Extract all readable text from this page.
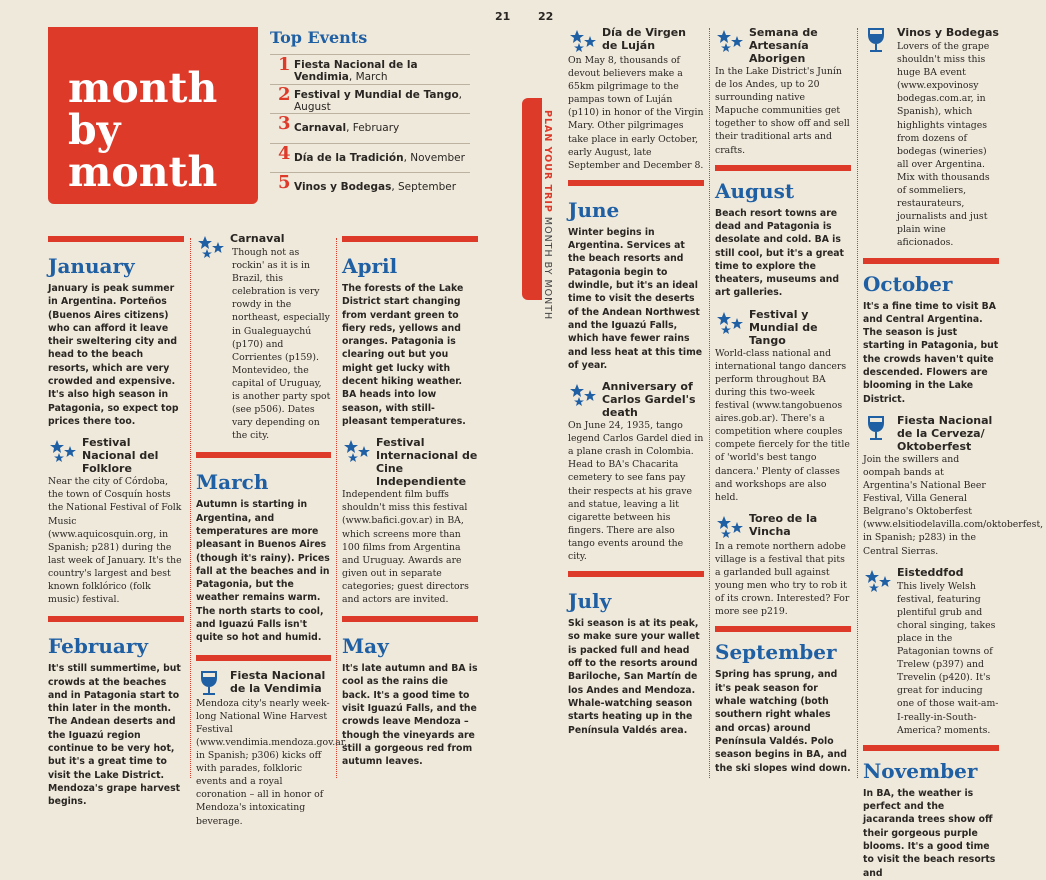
21	22
month
by
month
Top Events
1 Fiesta Nacional de la Vendimia, March
2 Festival y Mundial de Tango, August
3 Carnaval, February
4 Día de la Tradición, November
5 Vinos y Bodegas, September	PLAN YOUR TRIP MONTH BY MONTH
January
January is peak summer in Argentina. Porteños (Buenos Aires citizens) who can afford it leave their sweltering city and head to the beach resorts, which are very crowded and expensive. It's also high season in Patagonia, so expect top prices there too.
Festival Nacional del Folklore
Near the city of Córdoba, the town of Cosquín hosts the National Festival of Folk Music (www.aquicosquin.org, in Spanish; p281) during the last week of January. It's the country's largest and best known folklórico (folk music) festival.
February
It's still summertime, but crowds at the beaches and in Patagonia start to thin later in the month. The Andean deserts and the Iguazú region continue to be very hot, but it's a great time to visit the Lake District. Mendoza's grape harvest begins.
Carnaval
Though not as rockin' as it is in Brazil, this celebration is very rowdy in the northeast, especially in Gualeguaychú (p170) and Corrientes (p159). Montevideo, the capital of Uruguay, is another party spot (see p506). Dates vary depending on the city.
March
Autumn is starting in Argentina, and temperatures are more pleasant in Buenos Aires (though it's rainy). Prices fall at the beaches and in Patagonia, but the weather remains warm. The north starts to cool, and Iguazú Falls isn't quite so hot and humid.
Fiesta Nacional de la Vendimia
Mendoza city's nearly week-long National Wine Harvest Festival (www.vendimia.mendoza.gov.ar, in Spanish; p306) kicks off with parades, folkloric events and a royal coronation – all in honor of Mendoza's intoxicating beverage.
April
The forests of the Lake District start changing from verdant green to fiery reds, yellows and oranges. Patagonia is clearing out but you might get lucky with decent hiking weather. BA heads into low season, with still-pleasant temperatures.
Festival Internacional de Cine Independiente
Independent film buffs shouldn't miss this festival (www.bafici.gov.ar) in BA, which screens more than 100 films from Argentina and Uruguay. Awards are given out in separate categories; guest directors and actors are invited.
May
It's late autumn and BA is cool as the rains die back. It's a good time to visit Iguazú Falls, and the crowds leave Mendoza – though the vineyards are still a gorgeous red from autumn leaves.
Día de Virgen de Luján
On May 8, thousands of devout believers make a 65km pilgrimage to the pampas town of Luján (p110) in honor of the Virgin Mary. Other pilgrimages take place in early October, early August, late September and December 8.
June
Winter begins in Argentina. Services at the beach resorts and Patagonia begin to dwindle, but it's an ideal time to visit the deserts of the Andean Northwest and the Iguazú Falls, which have fewer rains and less heat at this time of year.
Anniversary of Carlos Gardel's death
On June 24, 1935, tango legend Carlos Gardel died in a plane crash in Colombia. Head to BA's Chacarita cemetery to see fans pay their respects at his grave and statue, leaving a lit cigarette between his fingers. There are also tango events around the city.
July
Ski season is at its peak, so make sure your wallet is packed full and head off to the resorts around Bariloche, San Martín de los Andes and Mendoza. Whale-watching season starts heating up in the Península Valdés area.
Semana de Artesanía Aborigen
In the Lake District's Junín de los Andes, up to 20 surrounding native Mapuche communities get together to show off and sell their traditional arts and crafts.
August
Beach resort towns are dead and Patagonia is desolate and cold. BA is still cool, but it's a great time to explore the theaters, museums and art galleries.
Festival y Mundial de Tango
World-class national and international tango dancers perform throughout BA during this two-week festival (www.tangobuenos aires.gob.ar). There's a competition where couples compete fiercely for the title of 'world's best tango dancera.' Plenty of classes and workshops are also held.
Toreo de la Vincha
In a remote northern adobe village is a festival that pits a garlanded bull against young men who try to rob it of its crown. Interested? For more see p219.
September
Spring has sprung, and it's peak season for whale watching (both southern right whales and orcas) around Península Valdés. Polo season begins in BA, and the ski slopes wind down.
Vinos y Bodegas
Lovers of the grape shouldn't miss this huge BA event (www.expovinosy bodegas.com.ar, in Spanish), which highlights vintages from dozens of bodegas (wineries) all over Argentina. Mix with thousands of sommeliers, restaurateurs, journalists and just plain wine aficionados.
October
It's a fine time to visit BA and Central Argentina. The season is just starting in Patagonia, but the crowds haven't quite descended. Flowers are blooming in the Lake District.
Fiesta Nacional de la Cerveza/ Oktoberfest
Join the swillers and oompah bands at Argentina's National Beer Festival, Villa General Belgrano's Oktoberfest (www.elsitiodelavilla.com/oktoberfest, in Spanish; p283) in the Central Sierras.
Eisteddfod
This lively Welsh festival, featuring plentiful grub and choral singing, takes place in the Patagonian towns of Trelew (p397) and Trevelin (p420). It's great for inducing one of those wait-am-I-really-in-South-America? moments.
November
In BA, the weather is perfect and the jacaranda trees show off their gorgeous purple blooms. It's a good time to visit the beach resorts and
